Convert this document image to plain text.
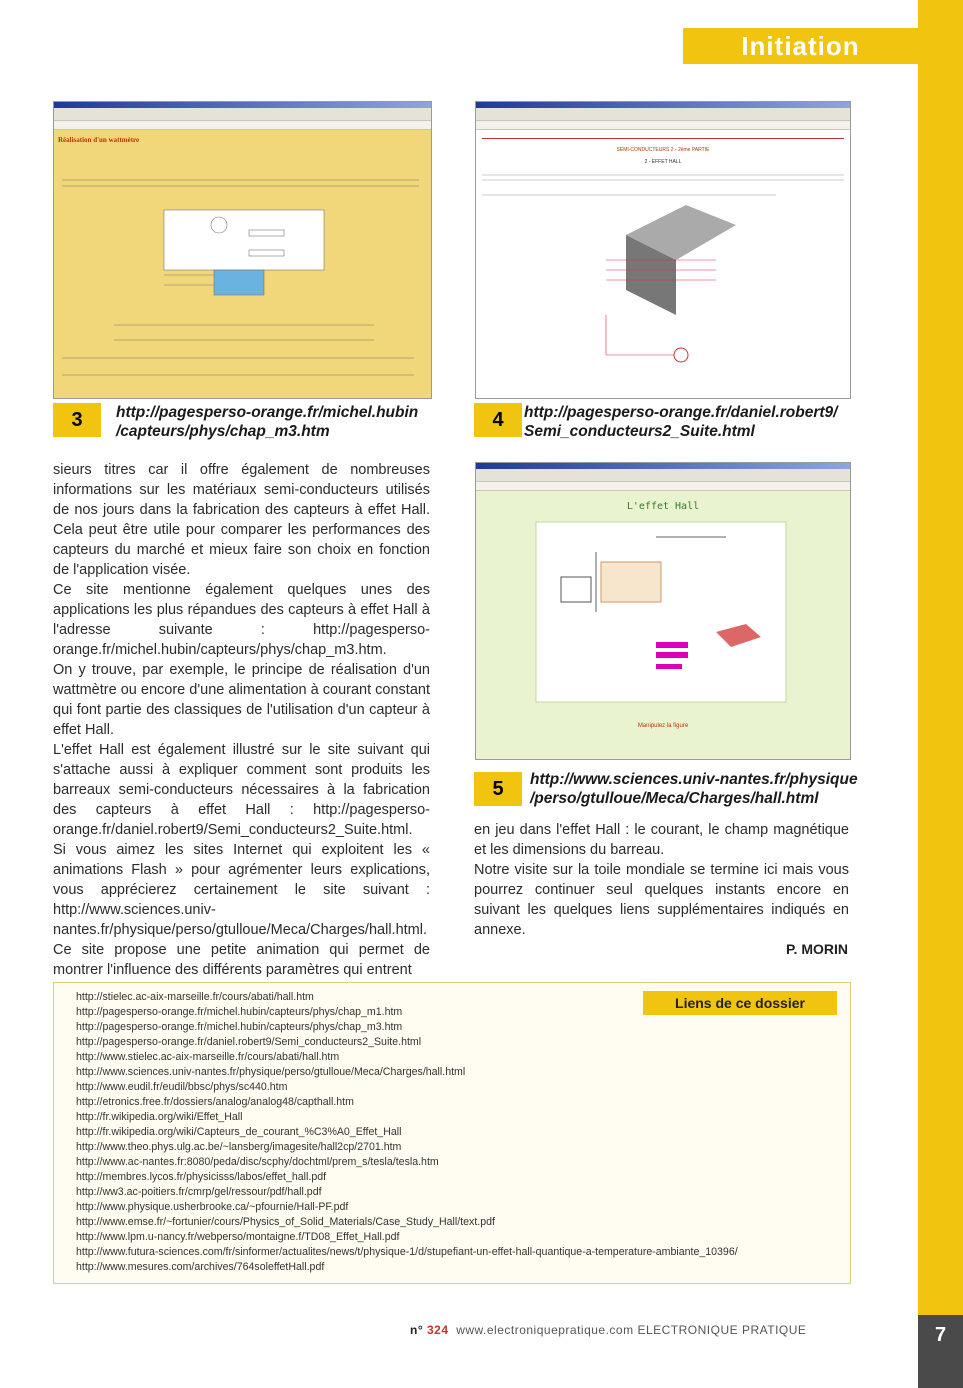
7
Initiation
Réalisation d'un wattmètre
3	http://pagesperso-orange.fr/michel.hubin
/capteurs/phys/chap_m3.htm
SEMI-CONDUCTEURS 2 - 2ème PARTIE
2 - EFFET HALL
4	http://pagesperso-orange.fr/daniel.robert9/
Semi_conducteurs2_Suite.html
L'effet Hall
Manipulez la figure
5	http://www.sciences.univ-nantes.fr/physique
/perso/gtulloue/Meca/Charges/hall.html

sieurs titres car il offre également de nombreuses informations sur les matériaux semi-conducteurs utilisés de nos jours dans la fabrication des capteurs à effet Hall. Cela peut être utile pour comparer les performances des capteurs du marché et mieux faire son choix en fonction de l'application visée.

Ce site mentionne également quelques unes des applications les plus répandues des capteurs à effet Hall à l'adresse suivante : http://pagesperso-orange.fr/michel.hubin/capteurs/phys/chap_m3.htm.

On y trouve, par exemple, le principe de réalisation d'un wattmètre ou encore d'une alimentation à courant constant qui font partie des classiques de l'utilisation d'un capteur à effet Hall.

L'effet Hall est également illustré sur le site suivant qui s'attache aussi à expliquer comment sont produits les barreaux semi-conducteurs nécessaires à la fabrication des capteurs à effet Hall : http://pagesperso-orange.fr/daniel.robert9/Semi_conducteurs2_Suite.html.

Si vous aimez les sites Internet qui exploitent les « animations Flash » pour agrémenter leurs explications, vous apprécierez certainement le site suivant : http://www.sciences.univ-nantes.fr/physique/perso/gtulloue/Meca/Charges/hall.html.

Ce site propose une petite animation qui permet de montrer l'influence des différents paramètres qui entrent

en jeu dans l'effet Hall : le courant, le champ magnétique et les dimensions du barreau.

Notre visite sur la toile mondiale se termine ici mais vous pourrez continuer seul quelques instants encore en suivant les quelques liens supplémentaires indiqués en annexe.

P. MORIN
Liens de ce dossier
http://stielec.ac-aix-marseille.fr/cours/abati/hall.htm
http://pagesperso-orange.fr/michel.hubin/capteurs/phys/chap_m1.htm
http://pagesperso-orange.fr/michel.hubin/capteurs/phys/chap_m3.htm
http://pagesperso-orange.fr/daniel.robert9/Semi_conducteurs2_Suite.html
http://www.stielec.ac-aix-marseille.fr/cours/abati/hall.htm
http://www.sciences.univ-nantes.fr/physique/perso/gtulloue/Meca/Charges/hall.html
http://www.eudil.fr/eudil/bbsc/phys/sc440.htm
http://etronics.free.fr/dossiers/analog/analog48/capthall.htm
http://fr.wikipedia.org/wiki/Effet_Hall
http://fr.wikipedia.org/wiki/Capteurs_de_courant_%C3%A0_Effet_Hall
http://www.theo.phys.ulg.ac.be/~lansberg/imagesite/hall2cp/2701.htm
http://www.ac-nantes.fr:8080/peda/disc/scphy/dochtml/prem_s/tesla/tesla.htm
http://membres.lycos.fr/physicisss/labos/effet_hall.pdf
http://ww3.ac-poitiers.fr/cmrp/gel/ressour/pdf/hall.pdf
http://www.physique.usherbrooke.ca/~pfournie/Hall-PF.pdf
http://www.emse.fr/~fortunier/cours/Physics_of_Solid_Materials/Case_Study_Hall/text.pdf
http://www.lpm.u-nancy.fr/webperso/montaigne.f/TD08_Effet_Hall.pdf
http://www.futura-sciences.com/fr/sinformer/actualites/news/t/physique-1/d/stupefiant-un-effet-hall-quantique-a-temperature-ambiante_10396/
http://www.mesures.com/archives/764soleffetHall.pdf
n° 324 www.electroniquepratique.com ELECTRONIQUE PRATIQUE
